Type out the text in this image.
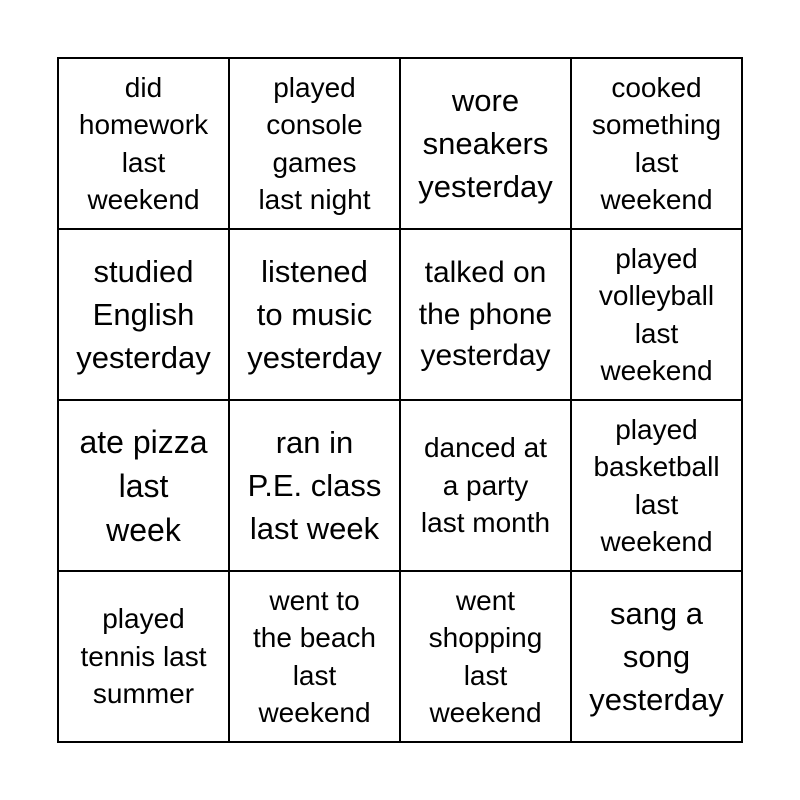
did
homework
last
weekend
played
console
games
last night
wore
sneakers
yesterday
cooked
something
last
weekend
studied
English
yesterday
listened
to music
yesterday
talked on
the phone
yesterday
played
volleyball
last
weekend
ate pizza
last
week
ran in
P.E. class
last week
danced at
a party
last month
played
basketball
last
weekend
played
tennis last
summer
went to
the beach
last
weekend
went
shopping
last
weekend
sang a
song
yesterday
